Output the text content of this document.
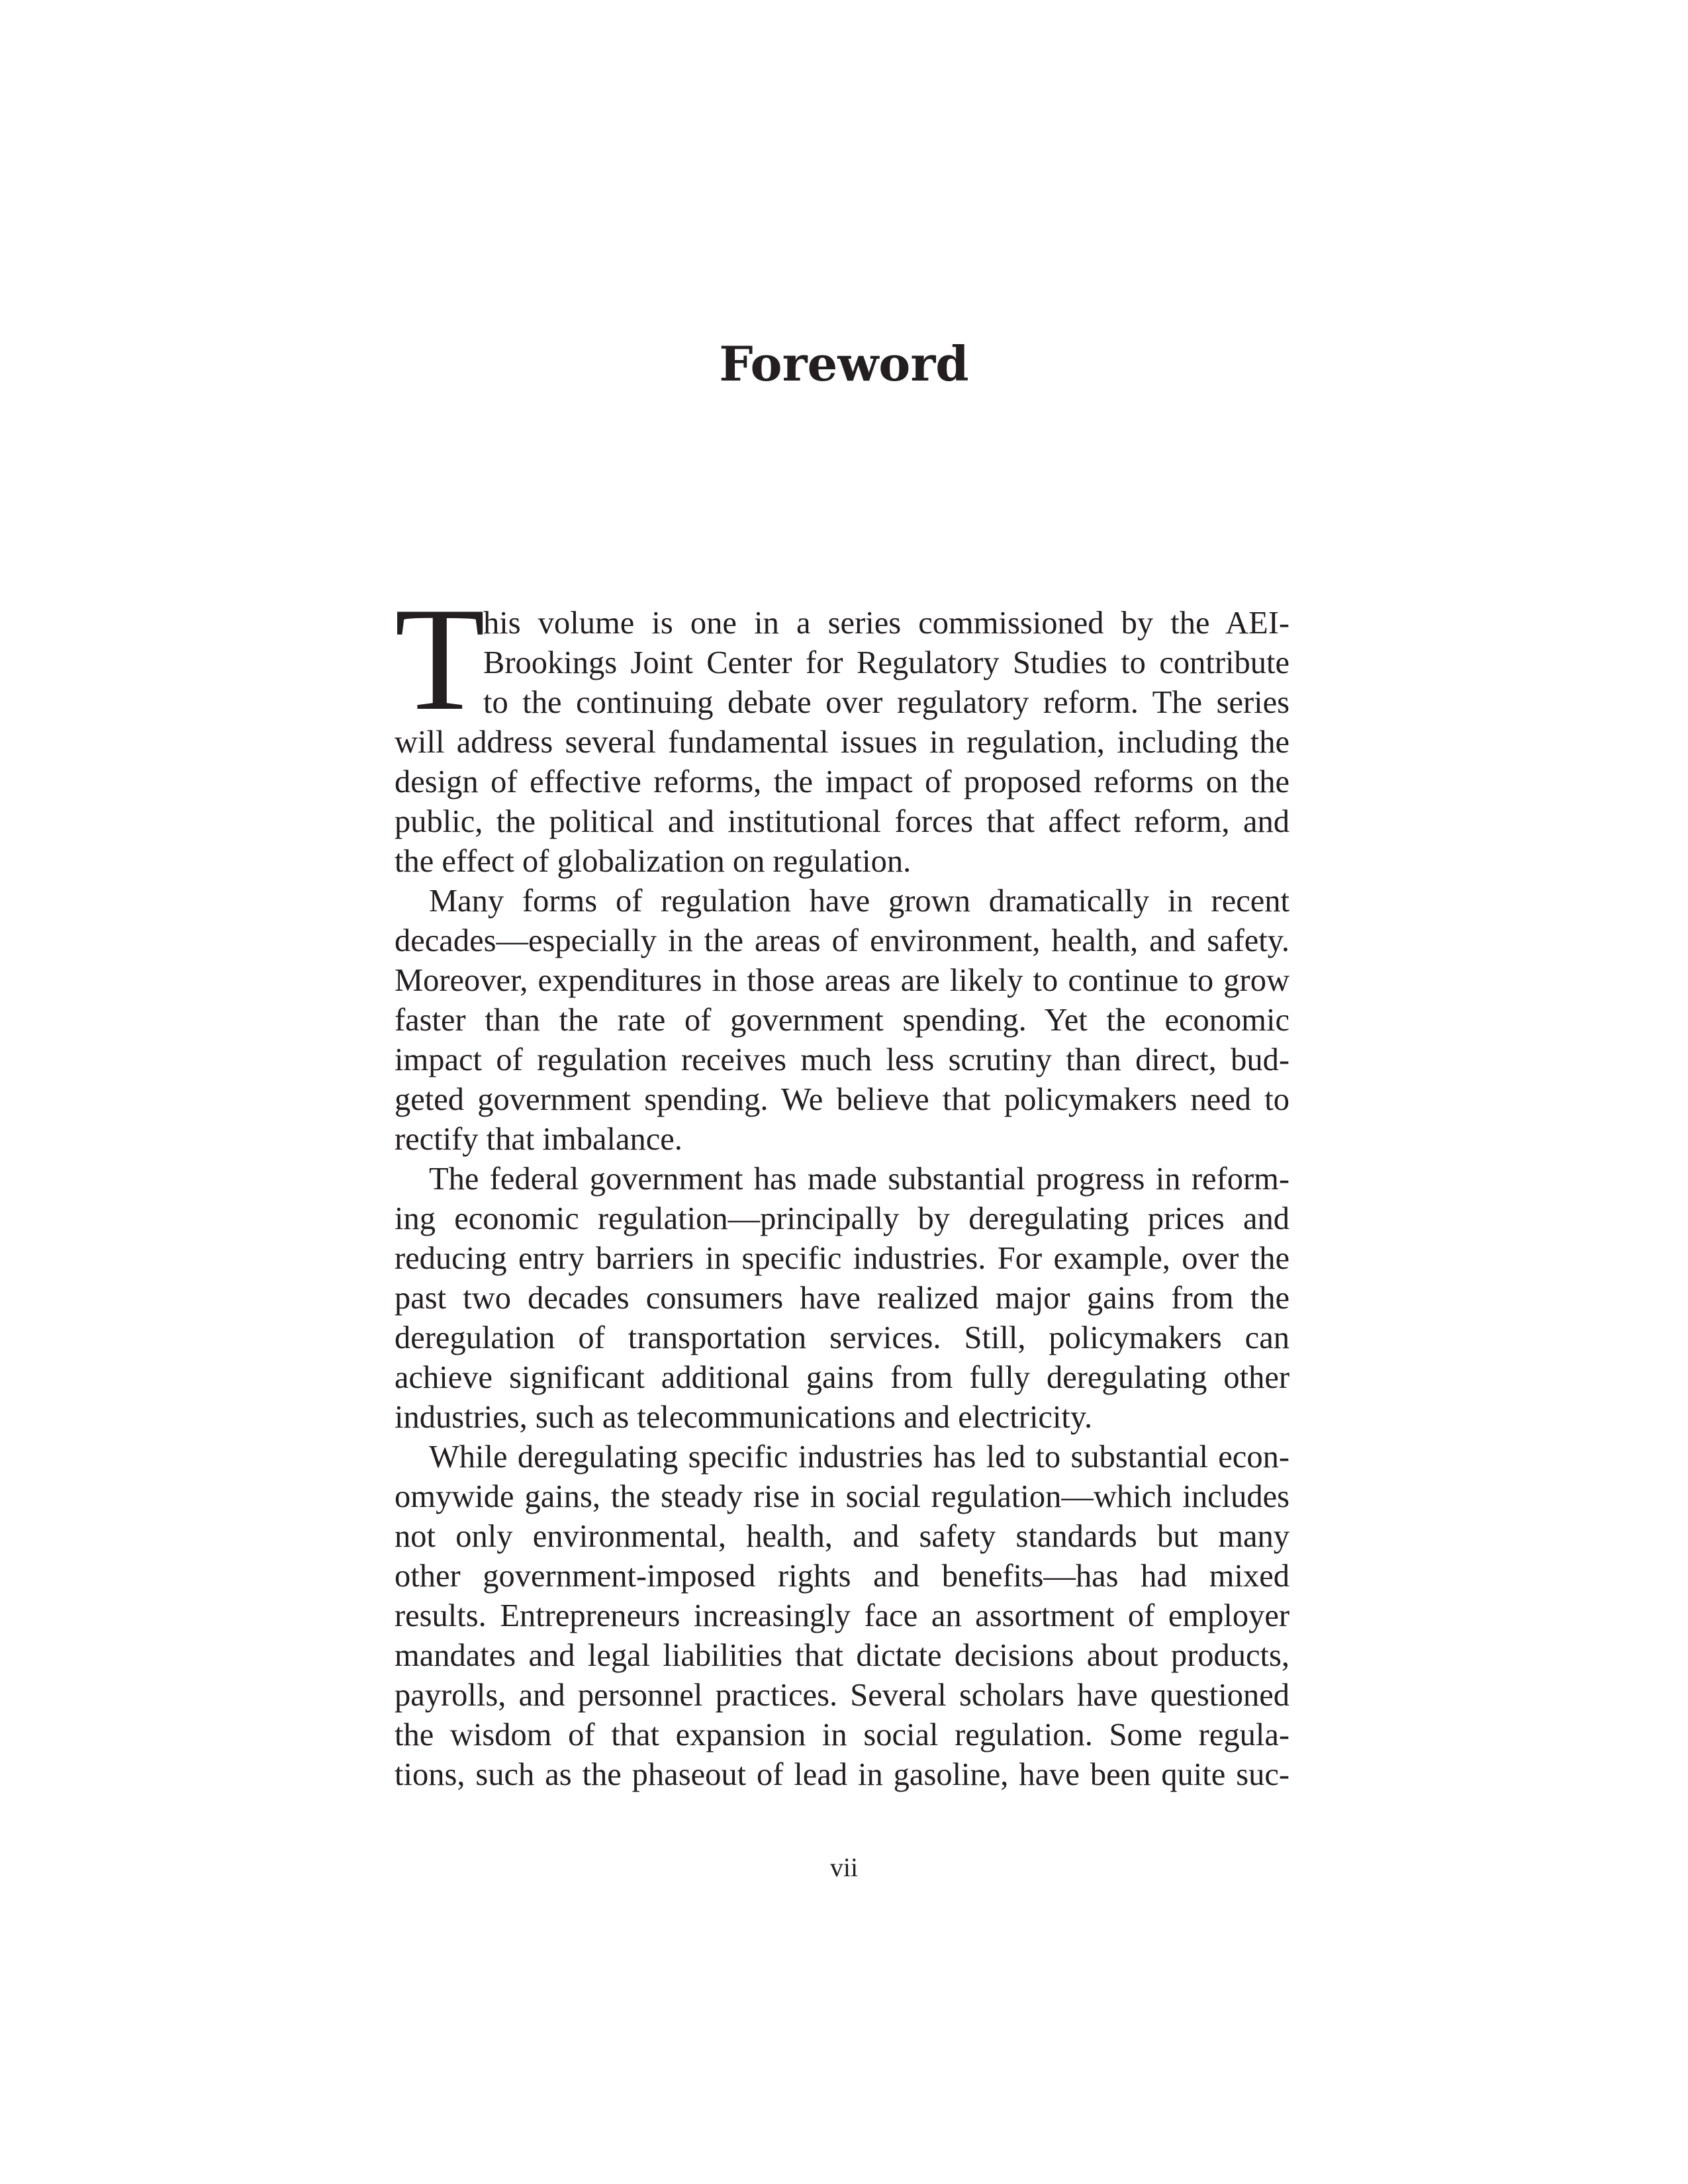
Foreword
T
his volume is one in a series commissioned by the AEI-
Brookings Joint Center for Regulatory Studies to contribute
to the continuing debate over regulatory reform. The series
will address several fundamental issues in regulation, including the
design of effective reforms, the impact of proposed reforms on the
public, the political and institutional forces that affect reform, and
the effect of globalization on regulation.
Many forms of regulation have grown dramatically in recent
decades—especially in the areas of environment, health, and safety.
Moreover, expenditures in those areas are likely to continue to grow
faster than the rate of government spending. Yet the economic
impact of regulation receives much less scrutiny than direct, bud-
geted government spending. We believe that policymakers need to
rectify that imbalance.
The federal government has made substantial progress in reform-
ing economic regulation—principally by deregulating prices and
reducing entry barriers in specific industries. For example, over the
past two decades consumers have realized major gains from the
deregulation of transportation services. Still, policymakers can
achieve significant additional gains from fully deregulating other
industries, such as telecommunications and electricity.
While deregulating specific industries has led to substantial econ-
omywide gains, the steady rise in social regulation—which includes
not only environmental, health, and safety standards but many
other government-imposed rights and benefits—has had mixed
results. Entrepreneurs increasingly face an assortment of employer
mandates and legal liabilities that dictate decisions about products,
payrolls, and personnel practices. Several scholars have questioned
the wisdom of that expansion in social regulation. Some regula-
tions, such as the phaseout of lead in gasoline, have been quite suc-
vii
